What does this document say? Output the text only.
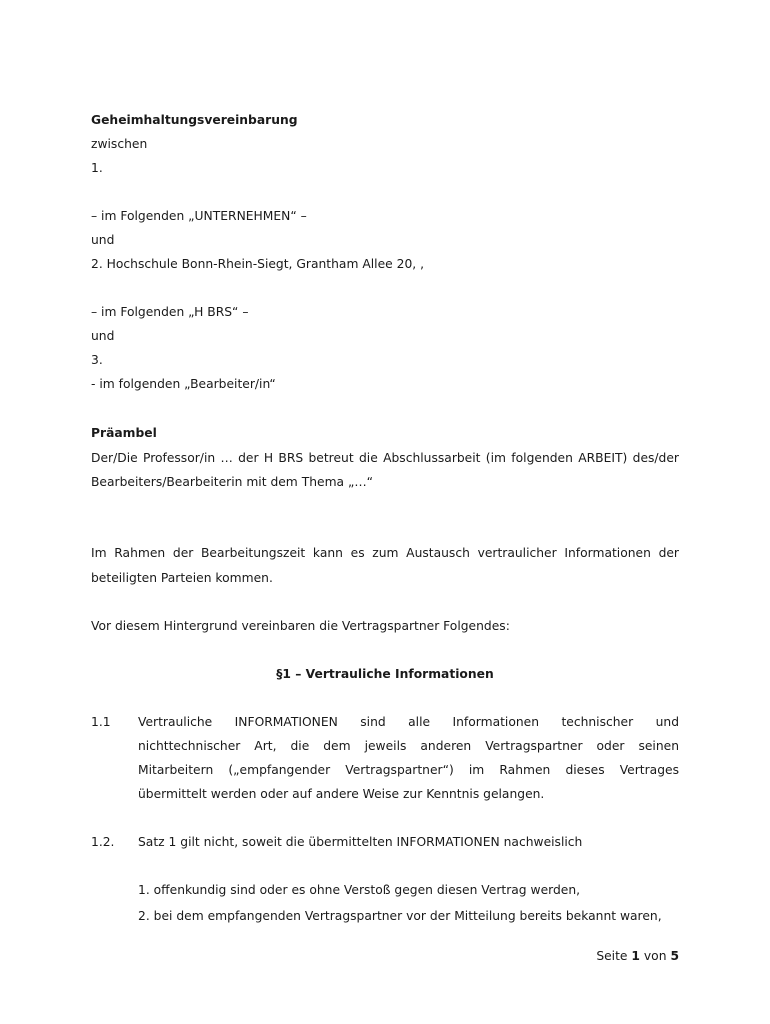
Geheimhaltungsvereinbarung
zwischen
1.
– im Folgenden „UNTERNEHMEN“ –
und
2. Hochschule Bonn-Rhein-Siegt, Grantham Allee 20, ,
– im Folgenden „H BRS“ –
und
3.
- im folgenden „Bearbeiter/in“
Präambel
Der/Die Professor/in … der H BRS betreut die Abschlussarbeit (im folgenden ARBEIT) des/der
Bearbeiters/Bearbeiterin mit dem Thema „…“
Im Rahmen der Bearbeitungszeit kann es zum Austausch vertraulicher Informationen der
beteiligten Parteien kommen.
Vor diesem Hintergrund vereinbaren die Vertragspartner Folgendes:
§1 – Vertrauliche Informationen
1.1 Vertrauliche INFORMATIONEN sind alle Informationen technischer und
nichttechnischer Art, die dem jeweils anderen Vertragspartner oder seinen
Mitarbeitern („empfangender Vertragspartner“) im Rahmen dieses Vertrages
übermittelt werden oder auf andere Weise zur Kenntnis gelangen.
1.2. Satz 1 gilt nicht, soweit die übermittelten INFORMATIONEN nachweislich
1. offenkundig sind oder es ohne Verstoß gegen diesen Vertrag werden,
2. bei dem empfangenden Vertragspartner vor der Mitteilung bereits bekannt waren,
Seite 1 von 5
